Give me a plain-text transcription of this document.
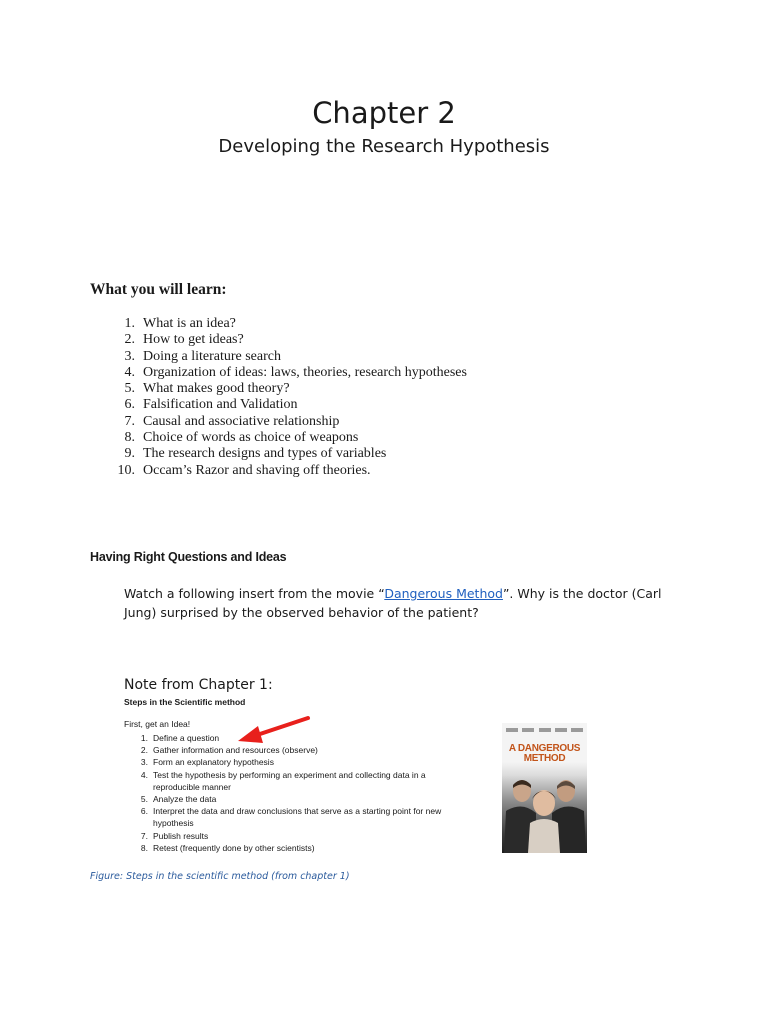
Chapter 2
Developing the Research Hypothesis
What you will learn:
1. What is an idea?
2. How to get ideas?
3. Doing a literature search
4. Organization of ideas: laws, theories, research hypotheses
5. What makes good theory?
6. Falsification and Validation
7. Causal and associative relationship
8. Choice of words as choice of weapons
9. The research designs and types of variables
10. Occam’s Razor and shaving off theories.
Having Right Questions and Ideas
Watch a following insert from the movie “Dangerous Method”. Why is the doctor (Carl Jung) surprised by the observed behavior of the patient?
Note from Chapter 1:
Steps in the Scientific method
First, get an Idea!
1. Define a question
2. Gather information and resources (observe)
3. Form an explanatory hypothesis
4. Test the hypothesis by performing an experiment and collecting data in a reproducible manner
5. Analyze the data
6. Interpret the data and draw conclusions that serve as a starting point for new hypothesis
7. Publish results
8. Retest (frequently done by other scientists)
A DANGEROUS
METHOD
Figure: Steps in the scientific method (from chapter 1)
